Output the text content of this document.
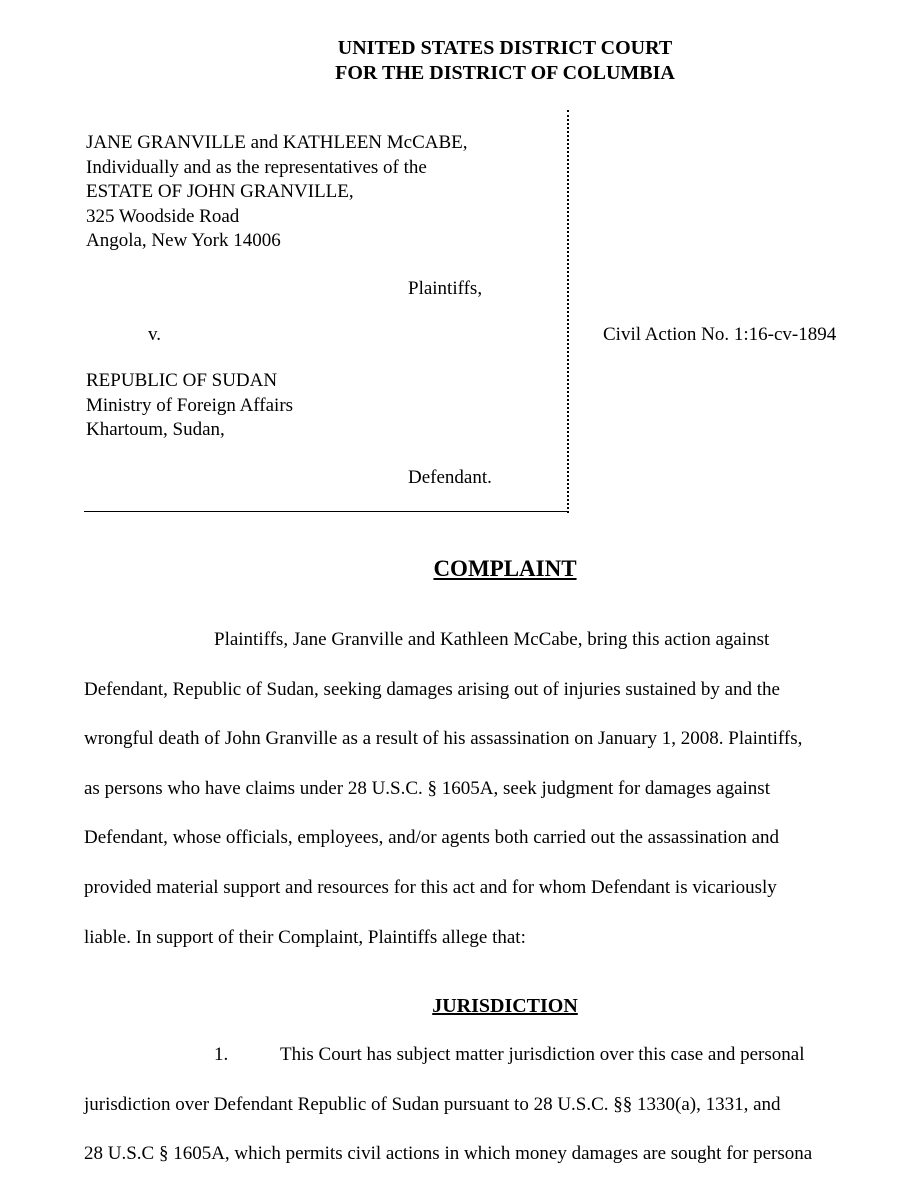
UNITED STATES DISTRICT COURT
FOR THE DISTRICT OF COLUMBIA
JANE GRANVILLE and KATHLEEN McCABE,
Individually and as the representatives of the
ESTATE OF JOHN GRANVILLE,
325 Woodside Road
Angola, New York 14006
Plaintiffs,
v.
REPUBLIC OF SUDAN
Ministry of Foreign Affairs
Khartoum, Sudan,
Defendant.
Civil Action No. 1:16-cv-1894
COMPLAINT
Plaintiffs, Jane Granville and Kathleen McCabe, bring this action against
Defendant, Republic of Sudan, seeking damages arising out of injuries sustained by and the
wrongful death of John Granville as a result of his assassination on January 1, 2008. Plaintiffs,
as persons who have claims under 28 U.S.C. § 1605A, seek judgment for damages against
Defendant, whose officials, employees, and/or agents both carried out the assassination and
provided material support and resources for this act and for whom Defendant is vicariously
liable. In support of their Complaint, Plaintiffs allege that:
JURISDICTION
1.	This Court has subject matter jurisdiction over this case and personal
jurisdiction over Defendant Republic of Sudan pursuant to 28 U.S.C. §§ 1330(a), 1331, and
28 U.S.C § 1605A, which permits civil actions in which money damages are sought for persona
